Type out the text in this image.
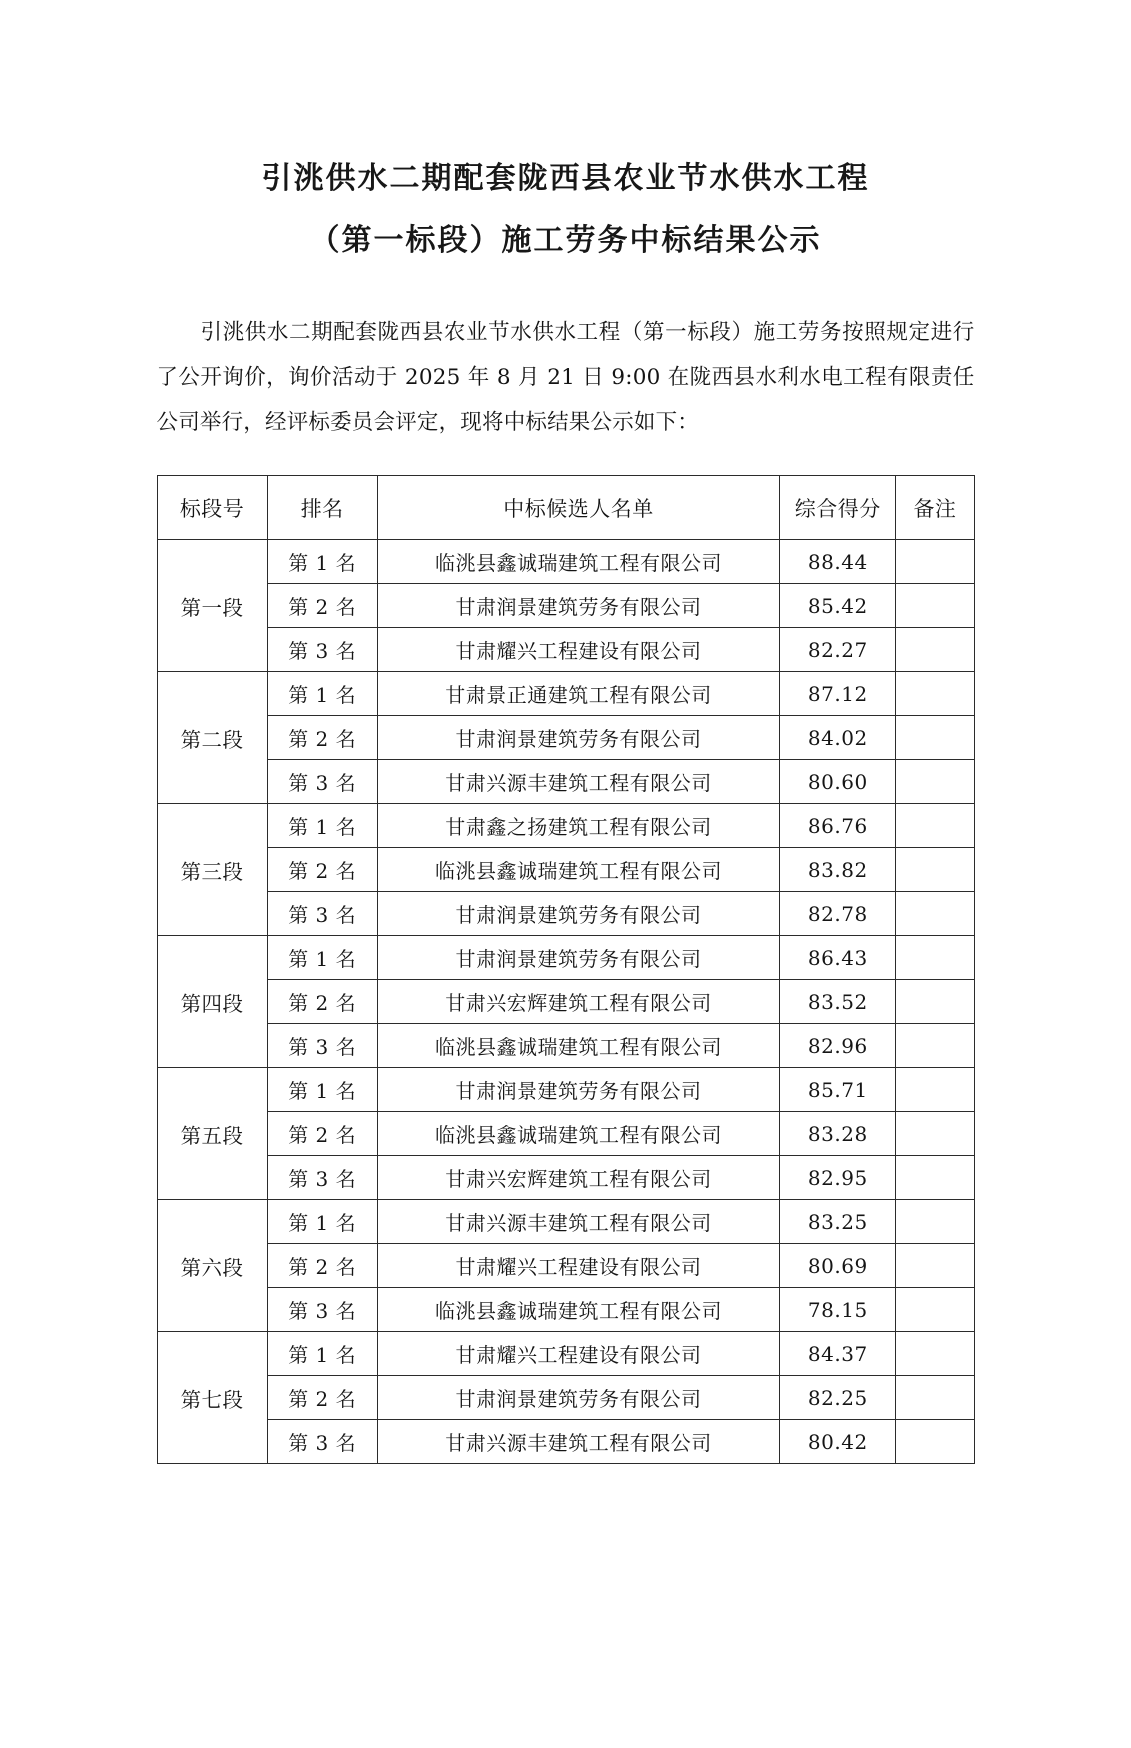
引洮供水二期配套陇西县农业节水供水工程
（第一标段）施工劳务中标结果公示

引洮供水二期配套陇西县农业节水供水工程（第一标段）施工劳务按照规定进行了公开询价，询价活动于 2025 年 8 月 21 日 9:00 在陇西县水利水电工程有限责任公司举行，经评标委员会评定，现将中标结果公示如下：

标段号	排名	中标候选人名单	综合得分	备注
第一段	第 1 名	临洮县鑫诚瑞建筑工程有限公司	88.44	
	第 2 名	甘肃润景建筑劳务有限公司	85.42	
	第 3 名	甘肃耀兴工程建设有限公司	82.27	
第二段	第 1 名	甘肃景正通建筑工程有限公司	87.12	
	第 2 名	甘肃润景建筑劳务有限公司	84.02	
	第 3 名	甘肃兴源丰建筑工程有限公司	80.60	
第三段	第 1 名	甘肃鑫之扬建筑工程有限公司	86.76	
	第 2 名	临洮县鑫诚瑞建筑工程有限公司	83.82	
	第 3 名	甘肃润景建筑劳务有限公司	82.78	
第四段	第 1 名	甘肃润景建筑劳务有限公司	86.43	
	第 2 名	甘肃兴宏辉建筑工程有限公司	83.52	
	第 3 名	临洮县鑫诚瑞建筑工程有限公司	82.96	
第五段	第 1 名	甘肃润景建筑劳务有限公司	85.71	
	第 2 名	临洮县鑫诚瑞建筑工程有限公司	83.28	
	第 3 名	甘肃兴宏辉建筑工程有限公司	82.95	
第六段	第 1 名	甘肃兴源丰建筑工程有限公司	83.25	
	第 2 名	甘肃耀兴工程建设有限公司	80.69	
	第 3 名	临洮县鑫诚瑞建筑工程有限公司	78.15	
第七段	第 1 名	甘肃耀兴工程建设有限公司	84.37	
	第 2 名	甘肃润景建筑劳务有限公司	82.25	
	第 3 名	甘肃兴源丰建筑工程有限公司	80.42	
